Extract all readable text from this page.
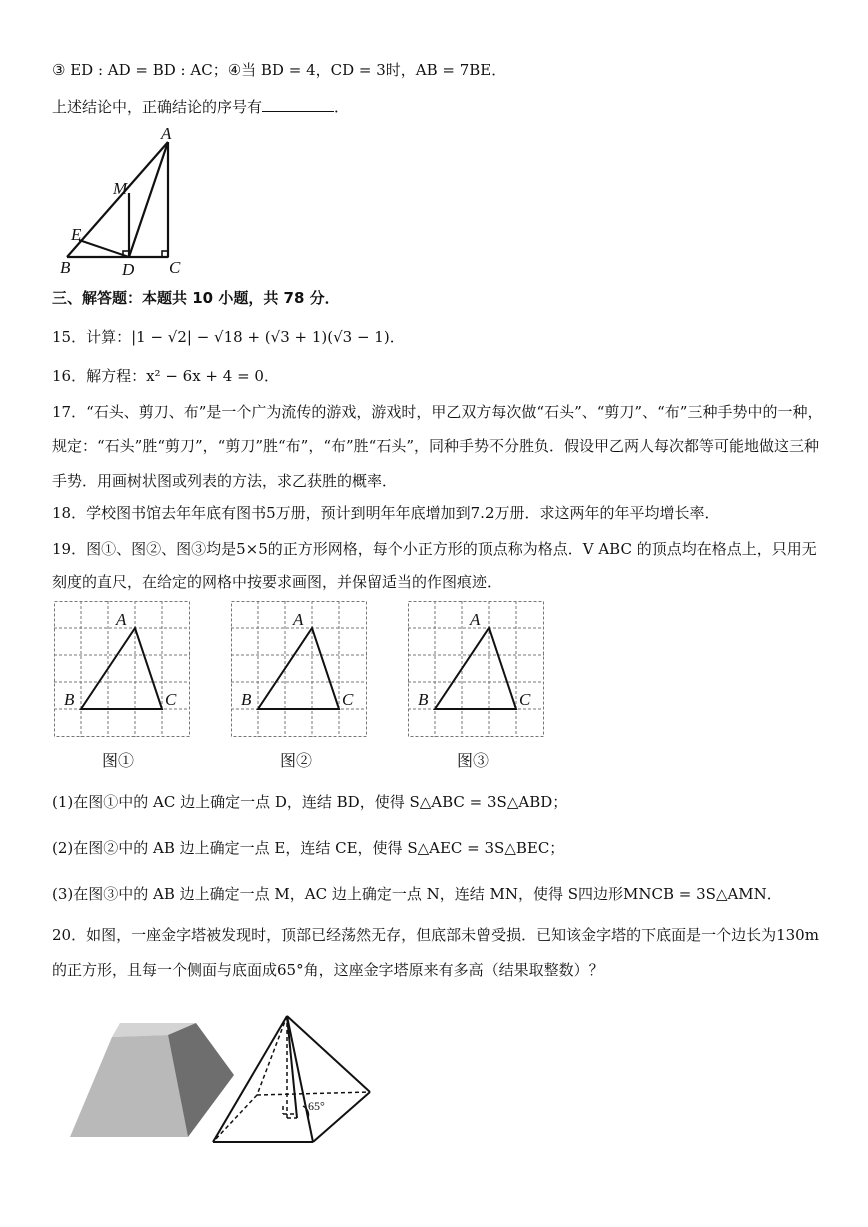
③ ED : AD = BD : AC；④当 BD = 4，CD = 3时，AB = 7BE．
上述结论中，正确结论的序号有	．
A
M
E
B	D C
三、解答题：本题共 10 小题，共 78 分．
15．计算：|1 − √2| − √18 + (√3 + 1)(√3 − 1)．
16．解方程：x² − 6x + 4 = 0．
17．“石头、剪刀、布”是一个广为流传的游戏，游戏时，甲乙双方每次做“石头”、“剪刀”、“布”三种手势中的一种，
规定：“石头”胜“剪刀”，“剪刀”胜“布”，“布”胜“石头”，同种手势不分胜负．假设甲乙两人每次都等可能地做这三种
手势．用画树状图或列表的方法，求乙获胜的概率．
18．学校图书馆去年年底有图书5万册，预计到明年年底增加到7.2万册．求这两年的年平均增长率．
19．图①、图②、图③均是5×5的正方形网格，每个小正方形的顶点称为格点．V ABC 的顶点均在格点上，只用无
刻度的直尺，在给定的网格中按要求画图，并保留适当的作图痕迹．
A
B	C
A
B	C
A
B	C
图①	图②	图③
(1)在图①中的 AC 边上确定一点 D，连结 BD，使得 S△ABC = 3S△ABD；
(2)在图②中的 AB 边上确定一点 E，连结 CE，使得 S△AEC = 3S△BEC；
(3)在图③中的 AB 边上确定一点 M，AC 边上确定一点 N，连结 MN，使得 S四边形MNCB = 3S△AMN．
20．如图，一座金字塔被发现时，顶部已经荡然无存，但底部未曾受损．已知该金字塔的下底面是一个边长为130m
的正方形，且每一个侧面与底面成65°角，这座金字塔原来有多高（结果取整数）？
65°
